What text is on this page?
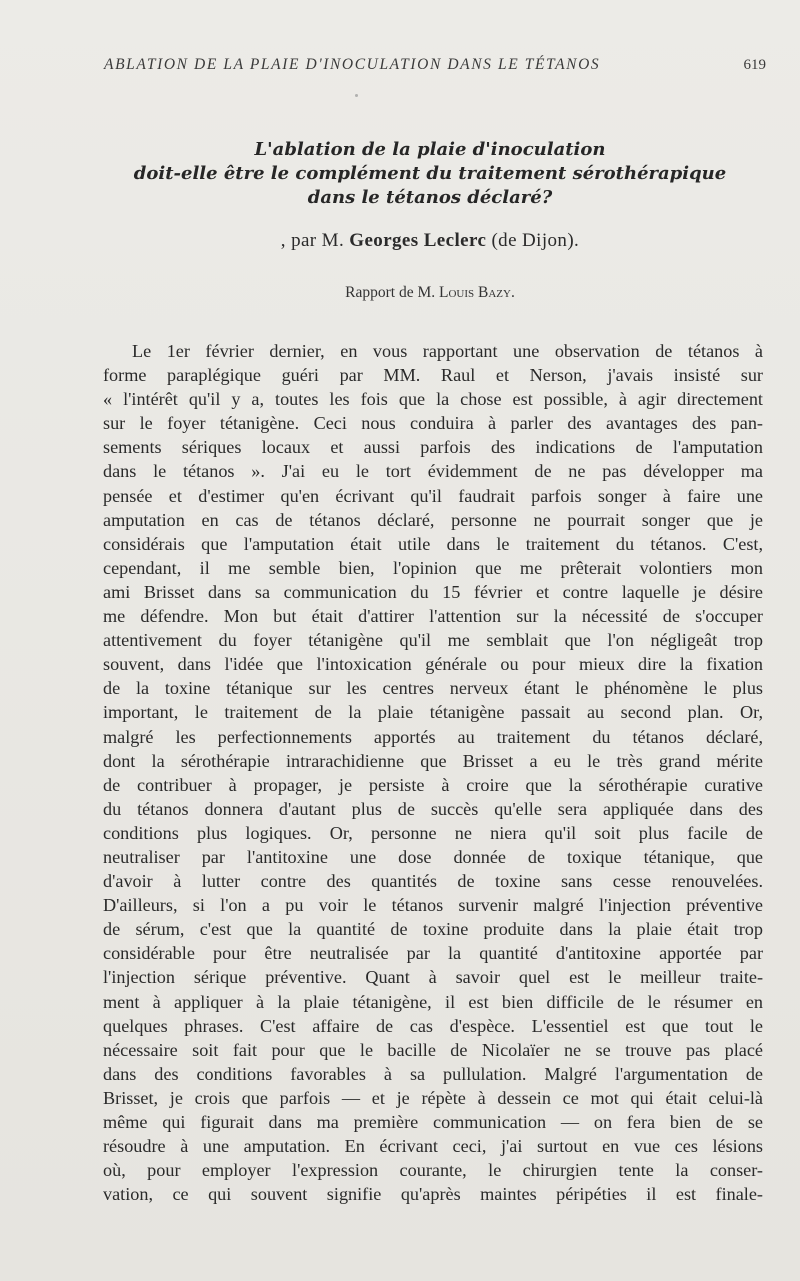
ABLATION DE LA PLAIE D'INOCULATION DANS LE TÉTANOS	619
L'ablation de la plaie d'inoculation
doit-elle être le complément du traitement sérothérapique
dans le tétanos déclaré?
, par M. Georges Leclerc (de Dijon).
Rapport de M. Louis Bazy.
Le 1er février dernier, en vous rapportant une observation de tétanos à
forme paraplégique guéri par MM. Raul et Nerson, j'avais insisté sur
« l'intérêt qu'il y a, toutes les fois que la chose est possible, à agir directement
sur le foyer tétanigène. Ceci nous conduira à parler des avantages des pan-
sements sériques locaux et aussi parfois des indications de l'amputation
dans le tétanos ». J'ai eu le tort évidemment de ne pas développer ma
pensée et d'estimer qu'en écrivant qu'il faudrait parfois songer à faire une
amputation en cas de tétanos déclaré, personne ne pourrait songer que je
considérais que l'amputation était utile dans le traitement du tétanos. C'est,
cependant, il me semble bien, l'opinion que me prêterait volontiers mon
ami Brisset dans sa communication du 15 février et contre laquelle je désire
me défendre. Mon but était d'attirer l'attention sur la nécessité de s'occuper
attentivement du foyer tétanigène qu'il me semblait que l'on négligeât trop
souvent, dans l'idée que l'intoxication générale ou pour mieux dire la fixation
de la toxine tétanique sur les centres nerveux étant le phénomène le plus
important, le traitement de la plaie tétanigène passait au second plan. Or,
malgré les perfectionnements apportés au traitement du tétanos déclaré,
dont la sérothérapie intrarachidienne que Brisset a eu le très grand mérite
de contribuer à propager, je persiste à croire que la sérothérapie curative
du tétanos donnera d'autant plus de succès qu'elle sera appliquée dans des
conditions plus logiques. Or, personne ne niera qu'il soit plus facile de
neutraliser par l'antitoxine une dose donnée de toxique tétanique, que
d'avoir à lutter contre des quantités de toxine sans cesse renouvelées.
D'ailleurs, si l'on a pu voir le tétanos survenir malgré l'injection préventive
de sérum, c'est que la quantité de toxine produite dans la plaie était trop
considérable pour être neutralisée par la quantité d'antitoxine apportée par
l'injection sérique préventive. Quant à savoir quel est le meilleur traite-
ment à appliquer à la plaie tétanigène, il est bien difficile de le résumer en
quelques phrases. C'est affaire de cas d'espèce. L'essentiel est que tout le
nécessaire soit fait pour que le bacille de Nicolaïer ne se trouve pas placé
dans des conditions favorables à sa pullulation. Malgré l'argumentation de
Brisset, je crois que parfois — et je répète à dessein ce mot qui était celui-là
même qui figurait dans ma première communication — on fera bien de se
résoudre à une amputation. En écrivant ceci, j'ai surtout en vue ces lésions
où, pour employer l'expression courante, le chirurgien tente la conser-
vation, ce qui souvent signifie qu'après maintes péripéties il est finale-
